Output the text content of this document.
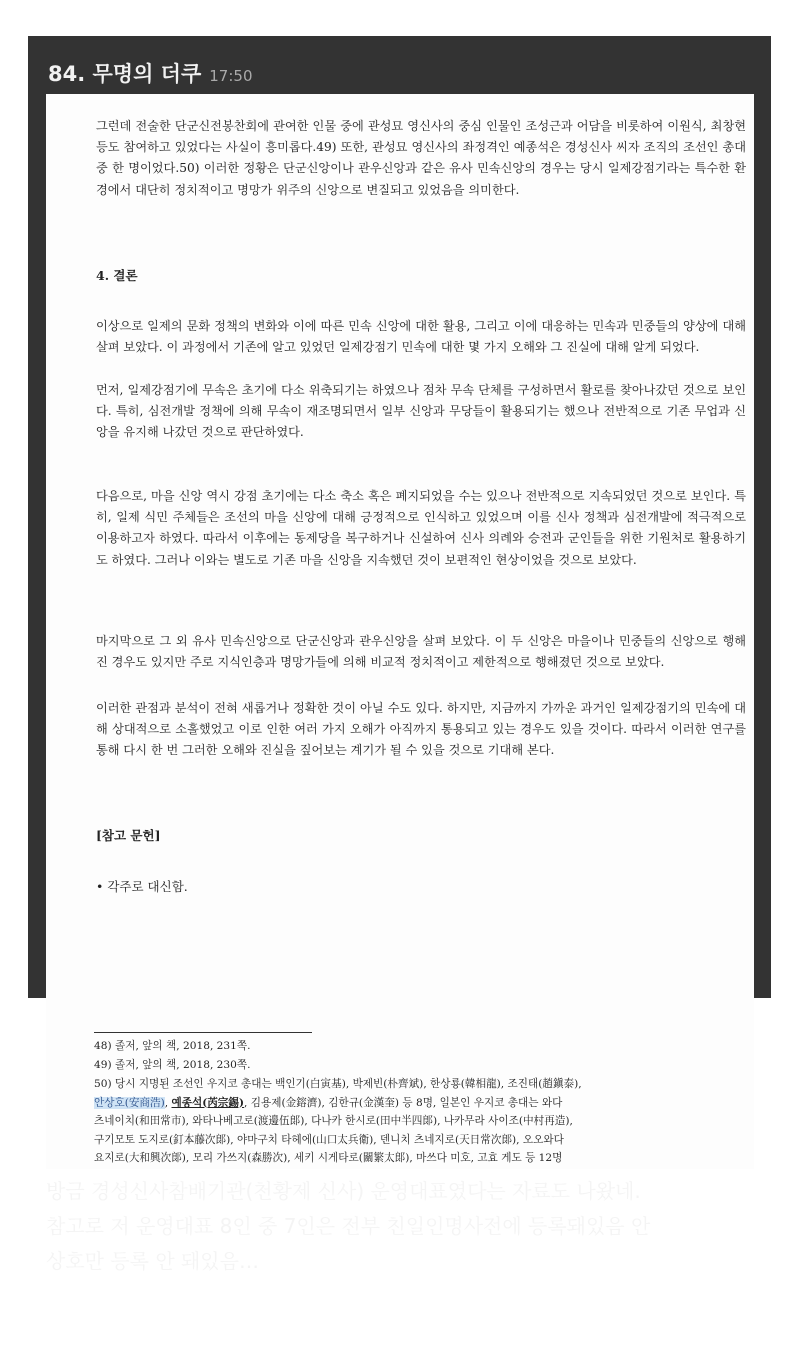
84. 무명의 더쿠 17:50
그런데 전술한 단군신전봉찬회에 관여한 인물 중에 관성묘 영신사의 중심 인물인 조성근과 어담을 비롯하여 이원식, 최창현 등도 참여하고 있었다는 사실이 흥미롭다.49) 또한, 관성묘 영신사의 좌정격인 예종석은 경성신사 씨자 조직의 조선인 총대 중 한 명이었다.50) 이러한 정황은 단군신앙이나 관우신앙과 같은 유사 민속신앙의 경우는 당시 일제강점기라는 특수한 환경에서 대단히 정치적이고 명망가 위주의 신앙으로 변질되고 있었음을 의미한다.
4. 결론
이상으로 일제의 문화 정책의 변화와 이에 따른 민속 신앙에 대한 활용, 그리고 이에 대응하는 민속과 민중들의 양상에 대해 살펴 보았다. 이 과정에서 기존에 알고 있었던 일제강점기 민속에 대한 몇 가지 오해와 그 진실에 대해 알게 되었다.
먼저, 일제강점기에 무속은 초기에 다소 위축되기는 하였으나 점차 무속 단체를 구성하면서 활로를 찾아나갔던 것으로 보인다. 특히, 심전개발 정책에 의해 무속이 재조명되면서 일부 신앙과 무당들이 활용되기는 했으나 전반적으로 기존 무업과 신앙을 유지해 나갔던 것으로 판단하였다.
다음으로, 마을 신앙 역시 강점 초기에는 다소 축소 혹은 폐지되었을 수는 있으나 전반적으로 지속되었던 것으로 보인다. 특히, 일제 식민 주체들은 조선의 마을 신앙에 대해 긍정적으로 인식하고 있었으며 이를 신사 정책과 심전개발에 적극적으로 이용하고자 하였다. 따라서 이후에는 동제당을 복구하거나 신설하여 신사 의례와 승전과 군인들을 위한 기원처로 활용하기도 하였다. 그러나 이와는 별도로 기존 마을 신앙을 지속했던 것이 보편적인 현상이었을 것으로 보았다.
마지막으로 그 외 유사 민속신앙으로 단군신앙과 관우신앙을 살펴 보았다. 이 두 신앙은 마을이나 민중들의 신앙으로 행해진 경우도 있지만 주로 지식인층과 명망가들에 의해 비교적 정치적이고 제한적으로 행해졌던 것으로 보았다.
이러한 관점과 분석이 전혀 새롭거나 정확한 것이 아닐 수도 있다. 하지만, 지금까지 가까운 과거인 일제강점기의 민속에 대해 상대적으로 소홀했었고 이로 인한 여러 가지 오해가 아직까지 통용되고 있는 경우도 있을 것이다. 따라서 이러한 연구를 통해 다시 한 번 그러한 오해와 진실을 짚어보는 계기가 될 수 있을 것으로 기대해 본다.
[참고 문헌]
• 각주로 대신함.
48) 졸저, 앞의 책, 2018, 231쪽.
49) 졸저, 앞의 책, 2018, 230쪽.
50) 당시 지명된 조선인 우지코 총대는 백인기(白寅基), 박제빈(朴齊斌), 한상룡(韓相龍), 조진태(趙鎭泰),
안상호(安商浩), 예종석(芮宗錫), 김용제(金鎔濟), 김한규(金漢奎) 등 8명, 일본인 우지코 총대는 와다
츠네이치(和田常市), 와타나베고로(渡邊伍郞), 다나카 한시로(田中半四郞), 나카무라 사이조(中村再造),
구기모토 도지로(釘本藤次郞), 야마구치 타헤에(山口太兵衛), 덴니치 츠네지로(天日常次郞), 오오와다
요지로(大和興次郞), 모리 가쓰지(森勝次), 세키 시게타로(關繁太郞), 마쓰다 미호, 고효 게도 등 12명
방금 경성신사참배기관(천황제 신사) 운영대표였다는 자료도 나왔네.
참고로 저 운영대표 8인 중 7인은 전부 친일인명사전에 등록돼있음 안
상호만 등록 안 돼있음…
